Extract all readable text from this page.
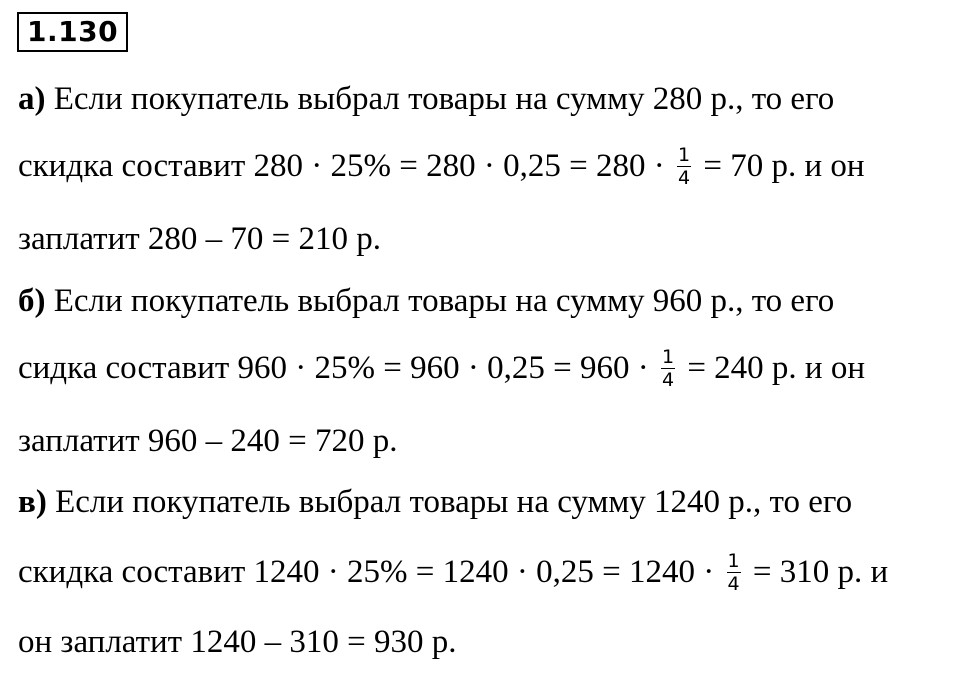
1.130
а) Если покупатель выбрал товары на сумму 280 р., то его
скидка составит $280 \cdot 25\% = 280 \cdot 0,25 = 280 \cdot \frac{1}{4} = 70$ р. и он
заплатит 280 – 70 = 210 р.
б) Если покупатель выбрал товары на сумму 960 р., то его
сидка составит $960 \cdot 25\% = 960 \cdot 0,25 = 960 \cdot \frac{1}{4} = 240$ р. и он
заплатит 960 – 240 = 720 р.
в) Если покупатель выбрал товары на сумму 1240 р., то его
скидка составит $1240 \cdot 25\% = 1240 \cdot 0,25 = 1240 \cdot \frac{1}{4} = 310$ р. и
он заплатит 1240 – 310 = 930 р.
